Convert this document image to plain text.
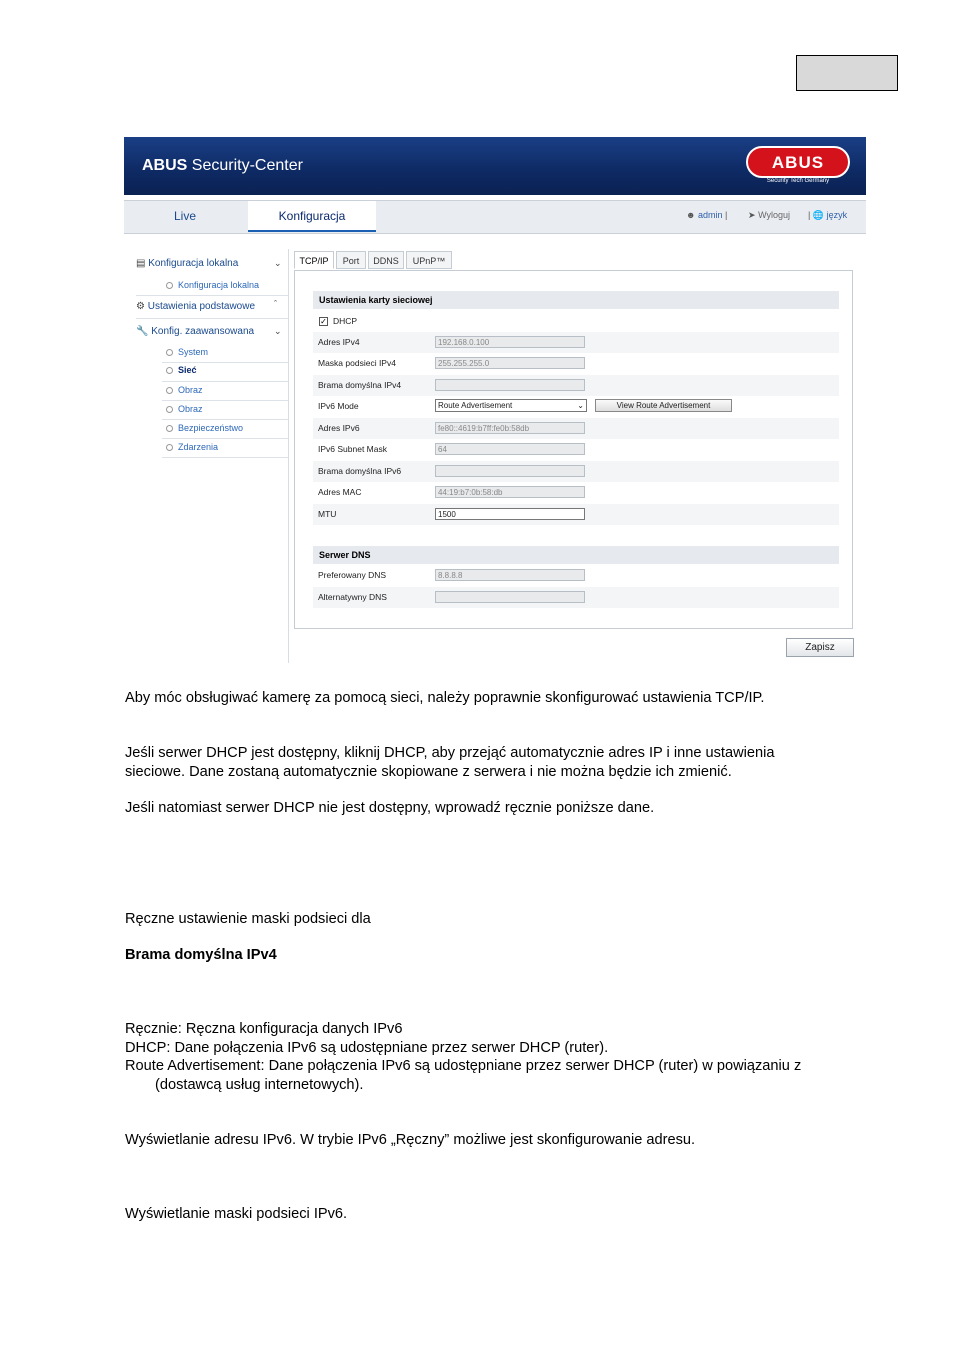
ABUS Security-Center	ABUS
Security Tech Germany
Live	Konfiguracja	☻ admin | ➤ Wyloguj | 🌐 język
▤ Konfiguracja lokalna	⌄
Konfiguracja lokalna
⚙ Ustawienia podstawowe ˆ
🔧 Konfig. zaawansowana ⌄
System
Sieć
Obraz
Obraz
Bezpieczeństwo
Zdarzenia
TCP/IP	Port	DDNS	UPnP™
Ustawienia karty sieciowej
✓ DHCP
Adres IPv4	192.168.0.100
Maska podsieci IPv4	255.255.255.0
Brama domyślna IPv4
IPv6 Mode	Route Advertisement	⌄	View Route Advertisement
Adres IPv6	fe80::4619:b7ff:fe0b:58db
IPv6 Subnet Mask	64
Brama domyślna IPv6
Adres MAC	44:19:b7:0b:58:db
MTU	1500
Serwer DNS
Preferowany DNS	8.8.8.8
Alternatywny DNS
Zapisz
Aby móc obsługiwać kamerę za pomocą sieci, należy poprawnie skonfigurować ustawienia TCP/IP.
Jeśli serwer DHCP jest dostępny, kliknij DHCP, aby przejąć automatycznie adres IP i inne ustawienia
sieciowe. Dane zostaną automatycznie skopiowane z serwera i nie można będzie ich zmienić.
Jeśli natomiast serwer DHCP nie jest dostępny, wprowadź ręcznie poniższe dane.
Ręczne ustawienie maski podsieci dla
Brama domyślna IPv4
Ręcznie: Ręczna konfiguracja danych IPv6
DHCP: Dane połączenia IPv6 są udostępniane przez serwer DHCP (ruter).
Route Advertisement: Dane połączenia IPv6 są udostępniane przez serwer DHCP (ruter) w powiązaniu z
(dostawcą usług internetowych).
Wyświetlanie adresu IPv6. W trybie IPv6 „Ręczny” możliwe jest skonfigurowanie adresu.
Wyświetlanie maski podsieci IPv6.
